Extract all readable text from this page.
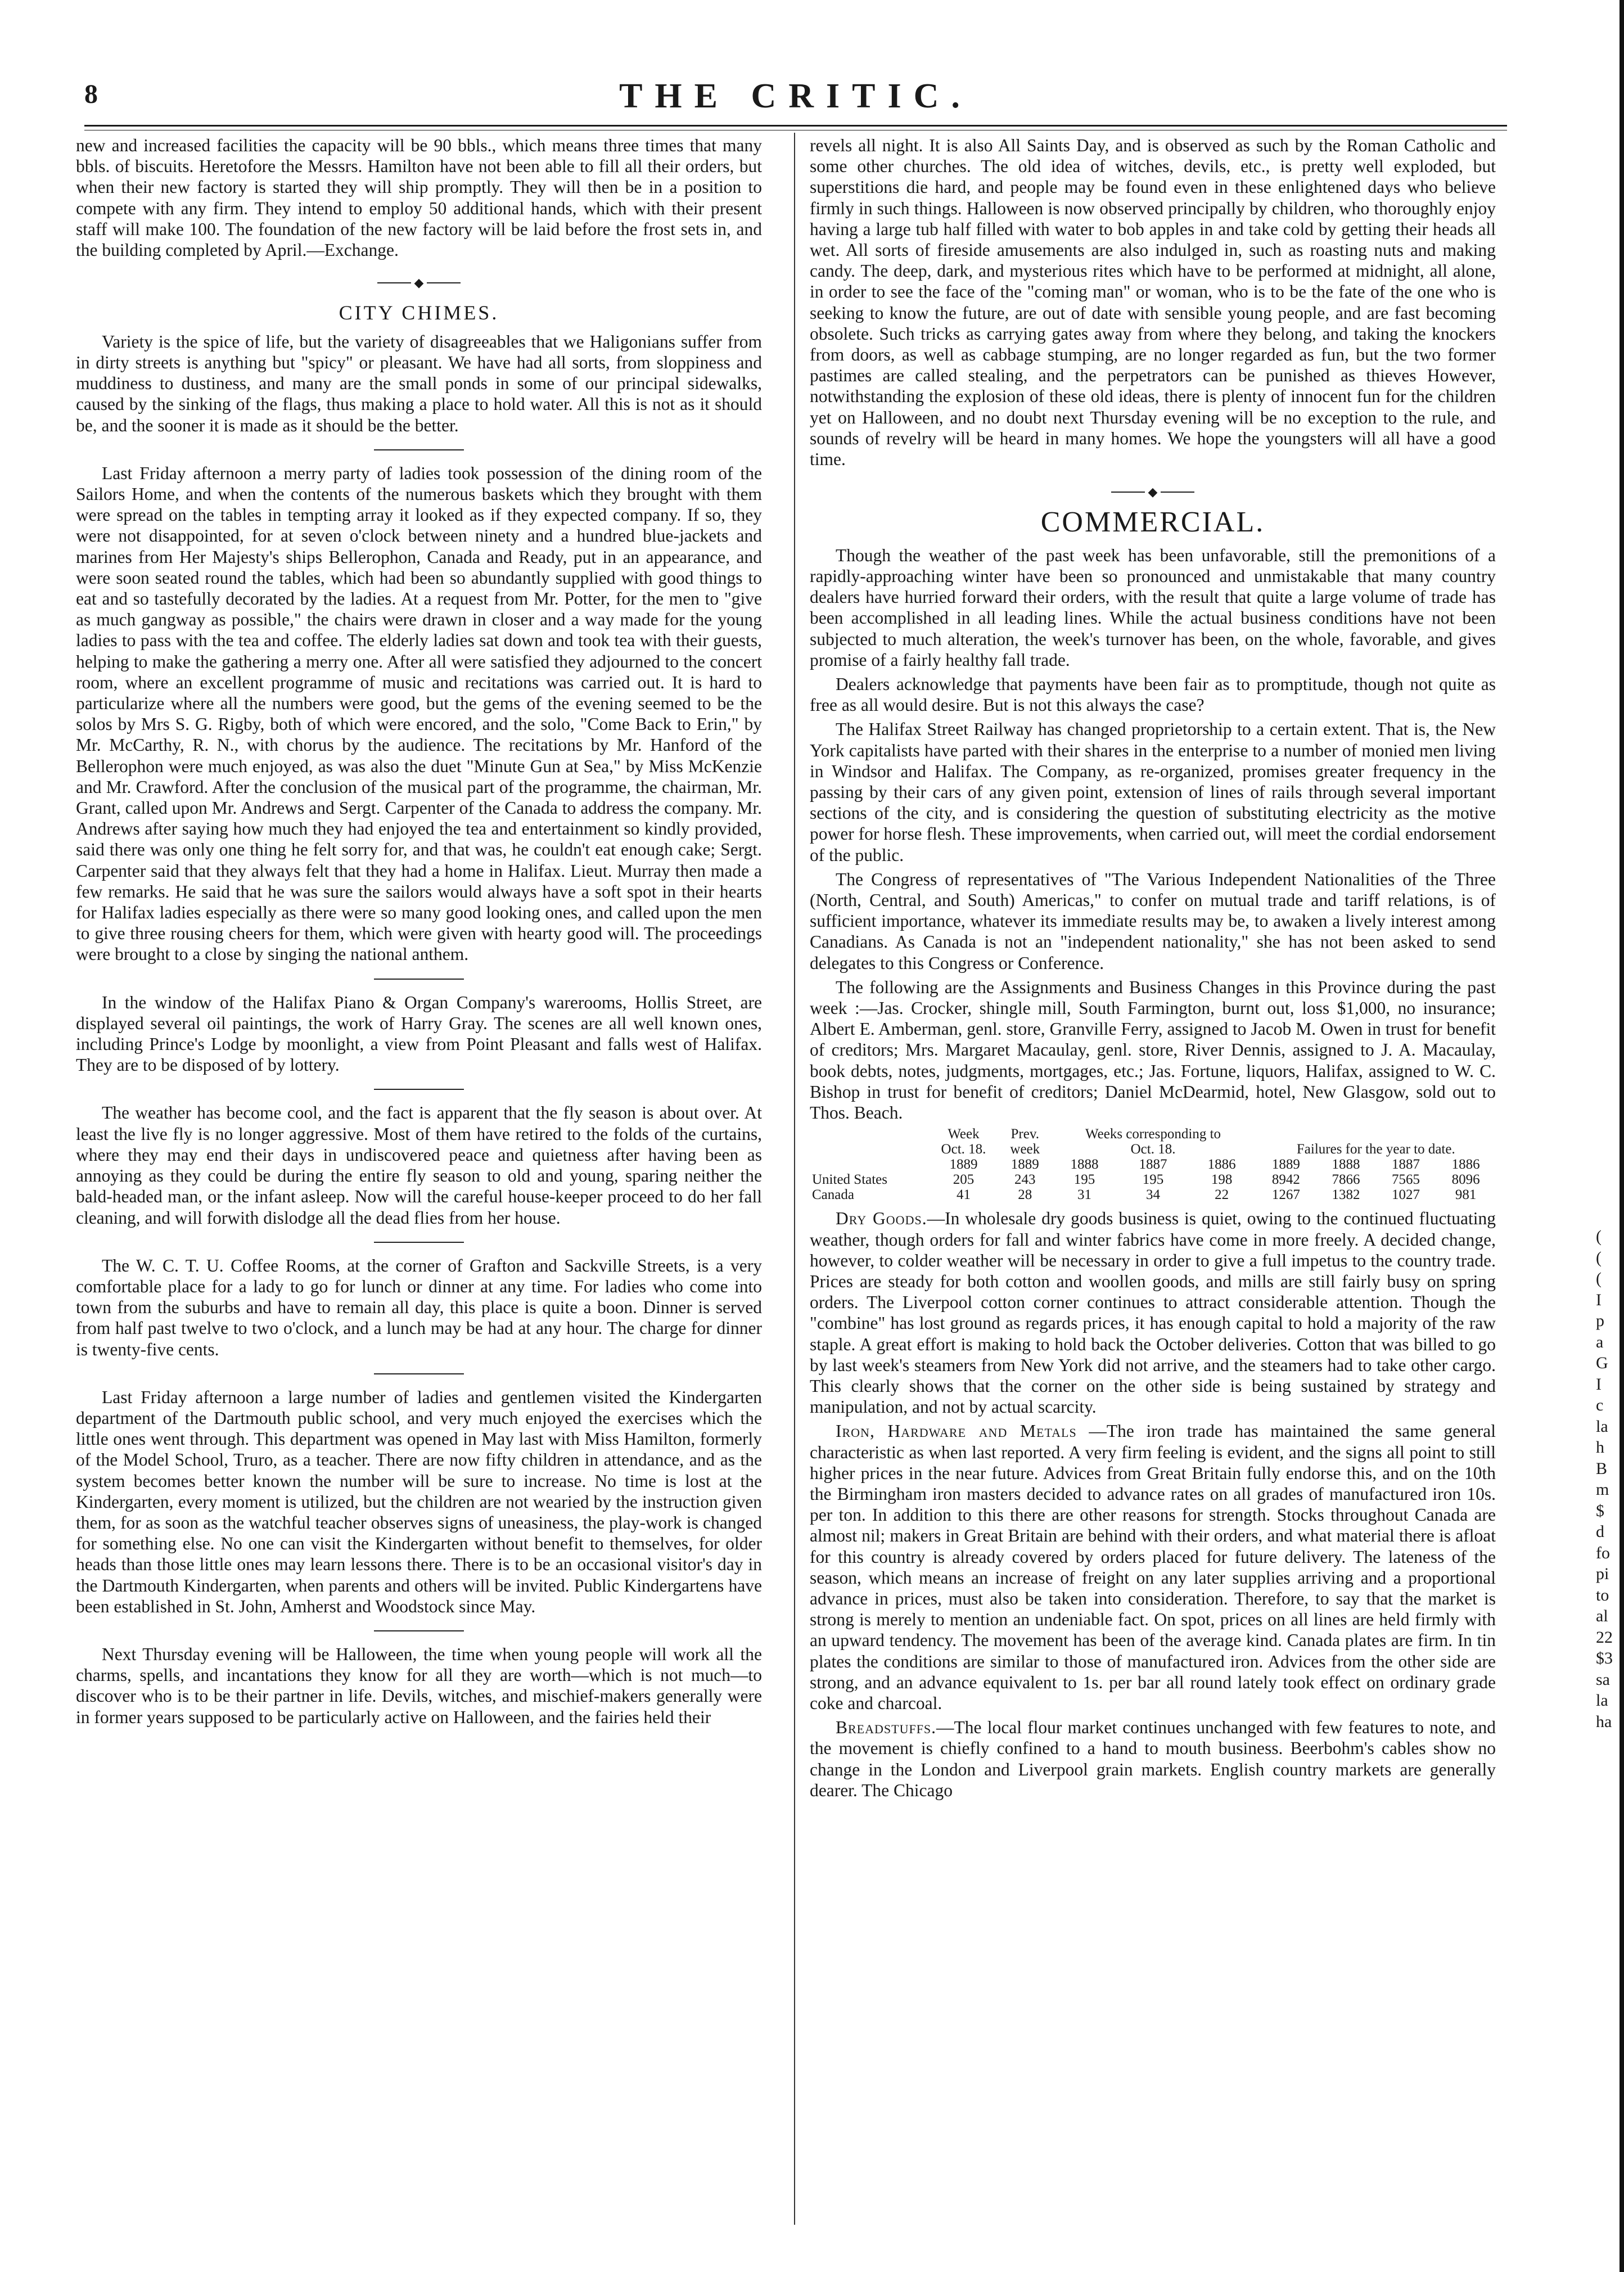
8	THE CRITIC.

new and increased facilities the capacity will be 90 bbls., which means three times that many bbls. of biscuits. Heretofore the Messrs. Hamilton have not been able to fill all their orders, but when their new factory is started they will ship promptly. They will then be in a position to compete with any firm. They intend to employ 50 additional hands, which with their present staff will make 100. The foundation of the new factory will be laid before the frost sets in, and the building completed by April.—Exchange.

◆
CITY CHIMES.

Variety is the spice of life, but the variety of disagreeables that we Haligonians suffer from in dirty streets is anything but "spicy" or pleasant. We have had all sorts, from sloppiness and muddiness to dustiness, and many are the small ponds in some of our principal sidewalks, caused by the sinking of the flags, thus making a place to hold water. All this is not as it should be, and the sooner it is made as it should be the better.

Last Friday afternoon a merry party of ladies took possession of the dining room of the Sailors Home, and when the contents of the numerous baskets which they brought with them were spread on the tables in tempting array it looked as if they expected company. If so, they were not disappointed, for at seven o'clock between ninety and a hundred blue-jackets and marines from Her Majesty's ships Bellerophon, Canada and Ready, put in an appearance, and were soon seated round the tables, which had been so abundantly supplied with good things to eat and so tastefully decorated by the ladies. At a request from Mr. Potter, for the men to "give as much gangway as possible," the chairs were drawn in closer and a way made for the young ladies to pass with the tea and coffee. The elderly ladies sat down and took tea with their guests, helping to make the gathering a merry one. After all were satisfied they adjourned to the concert room, where an excellent programme of music and recitations was carried out. It is hard to particularize where all the numbers were good, but the gems of the evening seemed to be the solos by Mrs S. G. Rigby, both of which were encored, and the solo, "Come Back to Erin," by Mr. McCarthy, R. N., with chorus by the audience. The recitations by Mr. Hanford of the Bellerophon were much enjoyed, as was also the duet "Minute Gun at Sea," by Miss McKenzie and Mr. Crawford. After the conclusion of the musical part of the programme, the chairman, Mr. Grant, called upon Mr. Andrews and Sergt. Carpenter of the Canada to address the company. Mr. Andrews after saying how much they had enjoyed the tea and entertainment so kindly provided, said there was only one thing he felt sorry for, and that was, he couldn't eat enough cake; Sergt. Carpenter said that they always felt that they had a home in Halifax. Lieut. Murray then made a few remarks. He said that he was sure the sailors would always have a soft spot in their hearts for Halifax ladies especially as there were so many good looking ones, and called upon the men to give three rousing cheers for them, which were given with hearty good will. The proceedings were brought to a close by singing the national anthem.

In the window of the Halifax Piano & Organ Company's warerooms, Hollis Street, are displayed several oil paintings, the work of Harry Gray. The scenes are all well known ones, including Prince's Lodge by moonlight, a view from Point Pleasant and falls west of Halifax. They are to be disposed of by lottery.

The weather has become cool, and the fact is apparent that the fly season is about over. At least the live fly is no longer aggressive. Most of them have retired to the folds of the curtains, where they may end their days in undiscovered peace and quietness after having been as annoying as they could be during the entire fly season to old and young, sparing neither the bald-headed man, or the infant asleep. Now will the careful house-keeper proceed to do her fall cleaning, and will forwith dislodge all the dead flies from her house.

The W. C. T. U. Coffee Rooms, at the corner of Grafton and Sackville Streets, is a very comfortable place for a lady to go for lunch or dinner at any time. For ladies who come into town from the suburbs and have to remain all day, this place is quite a boon. Dinner is served from half past twelve to two o'clock, and a lunch may be had at any hour. The charge for dinner is twenty-five cents.

Last Friday afternoon a large number of ladies and gentlemen visited the Kindergarten department of the Dartmouth public school, and very much enjoyed the exercises which the little ones went through. This department was opened in May last with Miss Hamilton, formerly of the Model School, Truro, as a teacher. There are now fifty children in attendance, and as the system becomes better known the number will be sure to increase. No time is lost at the Kindergarten, every moment is utilized, but the children are not wearied by the instruction given them, for as soon as the watchful teacher observes signs of uneasiness, the play-work is changed for something else. No one can visit the Kindergarten without benefit to themselves, for older heads than those little ones may learn lessons there. There is to be an occasional visitor's day in the Dartmouth Kindergarten, when parents and others will be invited. Public Kindergartens have been established in St. John, Amherst and Woodstock since May.

Next Thursday evening will be Halloween, the time when young people will work all the charms, spells, and incantations they know for all they are worth—which is not much—to discover who is to be their partner in life. Devils, witches, and mischief-makers generally were in former years supposed to be particularly active on Halloween, and the fairies held their

revels all night. It is also All Saints Day, and is observed as such by the Roman Catholic and some other churches. The old idea of witches, devils, etc., is pretty well exploded, but superstitions die hard, and people may be found even in these enlightened days who believe firmly in such things. Halloween is now observed principally by children, who thoroughly enjoy having a large tub half filled with water to bob apples in and take cold by getting their heads all wet. All sorts of fireside amusements are also indulged in, such as roasting nuts and making candy. The deep, dark, and mysterious rites which have to be performed at midnight, all alone, in order to see the face of the "coming man" or woman, who is to be the fate of the one who is seeking to know the future, are out of date with sensible young people, and are fast becoming obsolete. Such tricks as carrying gates away from where they belong, and taking the knockers from doors, as well as cabbage stumping, are no longer regarded as fun, but the two former pastimes are called stealing, and the perpetrators can be punished as thieves However, notwithstanding the explosion of these old ideas, there is plenty of innocent fun for the children yet on Halloween, and no doubt next Thursday evening will be no exception to the rule, and sounds of revelry will be heard in many homes. We hope the youngsters will all have a good time.

◆
COMMERCIAL.

Though the weather of the past week has been unfavorable, still the premonitions of a rapidly-approaching winter have been so pronounced and unmistakable that many country dealers have hurried forward their orders, with the result that quite a large volume of trade has been accomplished in all leading lines. While the actual business conditions have not been subjected to much alteration, the week's turnover has been, on the whole, favorable, and gives promise of a fairly healthy fall trade.

Dealers acknowledge that payments have been fair as to promptitude, though not quite as free as all would desire. But is not this always the case?

The Halifax Street Railway has changed proprietorship to a certain extent. That is, the New York capitalists have parted with their shares in the enterprise to a number of monied men living in Windsor and Halifax. The Company, as re-organized, promises greater frequency in the passing by their cars of any given point, extension of lines of rails through several important sections of the city, and is considering the question of substituting electricity as the motive power for horse flesh. These improvements, when carried out, will meet the cordial endorsement of the public.

The Congress of representatives of "The Various Independent Nationalities of the Three (North, Central, and South) Americas," to confer on mutual trade and tariff relations, is of sufficient importance, whatever its immediate results may be, to awaken a lively interest among Canadians. As Canada is not an "independent nationality," she has not been asked to send delegates to this Congress or Conference.

The following are the Assignments and Business Changes in this Province during the past week :—Jas. Crocker, shingle mill, South Farmington, burnt out, loss $1,000, no insurance; Albert E. Amberman, genl. store, Granville Ferry, assigned to Jacob M. Owen in trust for benefit of creditors; Mrs. Margaret Macaulay, genl. store, River Dennis, assigned to J. A. Macaulay, book debts, notes, judgments, mortgages, etc.; Jas. Fortune, liquors, Halifax, assigned to W. C. Bishop in trust for benefit of creditors; Daniel McDearmid, hotel, New Glasgow, sold out to Thos. Beach.

	Week	Prev.	Weeks corresponding to						
	Oct. 18.	week	Oct. 18.			Failures for the year to date.			
	1889	1889	1888	1887	1886	1889	1888	1887	1886
United States	205	243	195	195	198	8942	7866	7565	8096
Canada	41	28	31	34	22	1267	1382	1027	981

Dry Goods.—In wholesale dry goods business is quiet, owing to the continued fluctuating weather, though orders for fall and winter fabrics have come in more freely. A decided change, however, to colder weather will be necessary in order to give a full impetus to the country trade. Prices are steady for both cotton and woollen goods, and mills are still fairly busy on spring orders. The Liverpool cotton corner continues to attract considerable attention. Though the "combine" has lost ground as regards prices, it has enough capital to hold a majority of the raw staple. A great effort is making to hold back the October deliveries. Cotton that was billed to go by last week's steamers from New York did not arrive, and the steamers had to take other cargo. This clearly shows that the corner on the other side is being sustained by strategy and manipulation, and not by actual scarcity.

Iron, Hardware and Metals —The iron trade has maintained the same general characteristic as when last reported. A very firm feeling is evident, and the signs all point to still higher prices in the near future. Advices from Great Britain fully endorse this, and on the 10th the Birmingham iron masters decided to advance rates on all grades of manufactured iron 10s. per ton. In addition to this there are other reasons for strength. Stocks throughout Canada are almost nil; makers in Great Britain are behind with their orders, and what material there is afloat for this country is already covered by orders placed for future delivery. The lateness of the season, which means an increase of freight on any later supplies arriving and a proportional advance in prices, must also be taken into consideration. Therefore, to say that the market is strong is merely to mention an undeniable fact. On spot, prices on all lines are held firmly with an upward tendency. The movement has been of the average kind. Canada plates are firm. In tin plates the conditions are similar to those of manufactured iron. Advices from the other side are strong, and an advance equivalent to 1s. per bar all round lately took effect on ordinary grade coke and charcoal.

Breadstuffs.—The local flour market continues unchanged with few features to note, and the movement is chiefly confined to a hand to mouth business. Beerbohm's cables show no change in the London and Liverpool grain markets. English country markets are generally dearer. The Chicago

(
(
(
I
p
a
G
I
c
la
h
B
m
$
d
fo
pi
to
al
22
$3
sa
la
ha
